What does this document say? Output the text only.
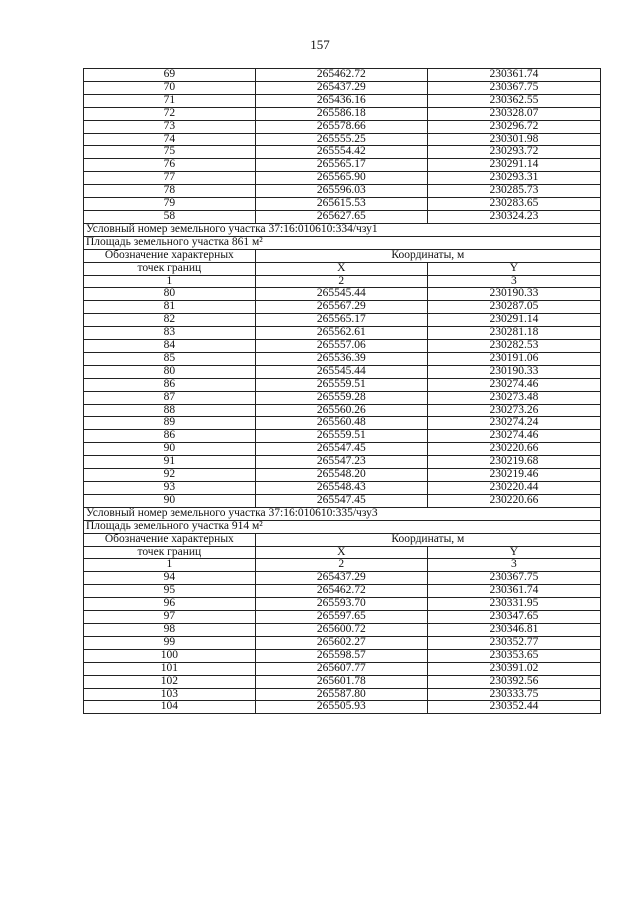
157
69	265462.72	230361.74
70	265437.29	230367.75
71	265436.16	230362.55
72	265586.18	230328.07
73	265578.66	230296.72
74	265555.25	230301.98
75	265554.42	230293.72
76	265565.17	230291.14
77	265565.90	230293.31
78	265596.03	230285.73
79	265615.53	230283.65
58	265627.65	230324.23
Условный номер земельного участка 37:16:010610:334/чзу1		
Площадь земельного участка 861 м²		
Обозначение характерных	Координаты, м	
точек границ	X	Y
1	2	3
80	265545.44	230190.33
81	265567.29	230287.05
82	265565.17	230291.14
83	265562.61	230281.18
84	265557.06	230282.53
85	265536.39	230191.06
80	265545.44	230190.33
86	265559.51	230274.46
87	265559.28	230273.48
88	265560.26	230273.26
89	265560.48	230274.24
86	265559.51	230274.46
90	265547.45	230220.66
91	265547.23	230219.68
92	265548.20	230219.46
93	265548.43	230220.44
90	265547.45	230220.66
Условный номер земельного участка 37:16:010610:335/чзу3		
Площадь земельного участка 914 м²		
Обозначение характерных	Координаты, м	
точек границ	X	Y
1	2	3
94	265437.29	230367.75
95	265462.72	230361.74
96	265593.70	230331.95
97	265597.65	230347.65
98	265600.72	230346.81
99	265602.27	230352.77
100	265598.57	230353.65
101	265607.77	230391.02
102	265601.78	230392.56
103	265587.80	230333.75
104	265505.93	230352.44
